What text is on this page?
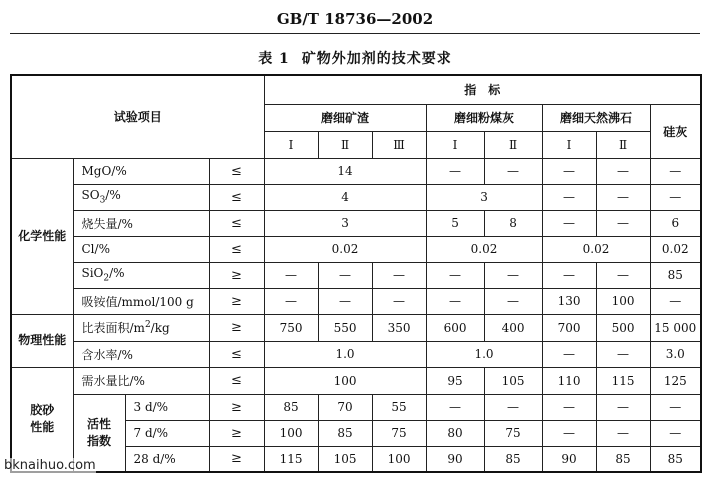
GB/T 18736—2002
表 1 矿物外加剂的技术要求
试验项目				指　标							
				磨细矿渣			磨细粉煤灰		磨细天然沸石		硅灰
				Ⅰ	Ⅱ	Ⅲ	Ⅰ	Ⅱ	Ⅰ	Ⅱ	
化学性能	MgO/%		≤	14			—	—	—	—	—
	$SO_3/\%$		≤	4			3		—	—	—
	烧失量/%		≤	3			5	8	—	—	6
	Cl/%		≤	0.02			0.02		0.02		0.02
	SiO$_2$/%		≥	—	—	—	—	—	—	—	85
	吸铵值/mmol/100 g		≥	—	—	—	—	—	130	100	—
物理性能	比表面积$/m^2/kg$		≥	750	550	350	600	400	700	500	15 000
	含水率/%		≤	1.0			1.0		—	—	3.0

胶砂性能	需水量比/%		≤	100			95	105	110	115	125

	活性指数	3 d/%	≥	85	70	55	—	—	—	—	—
		7 d/%	≥	100	85	75	80	75	—	—	—
		28 d/%	≥	115	105	100	90	85	90	85	85
bknaihuo.com
